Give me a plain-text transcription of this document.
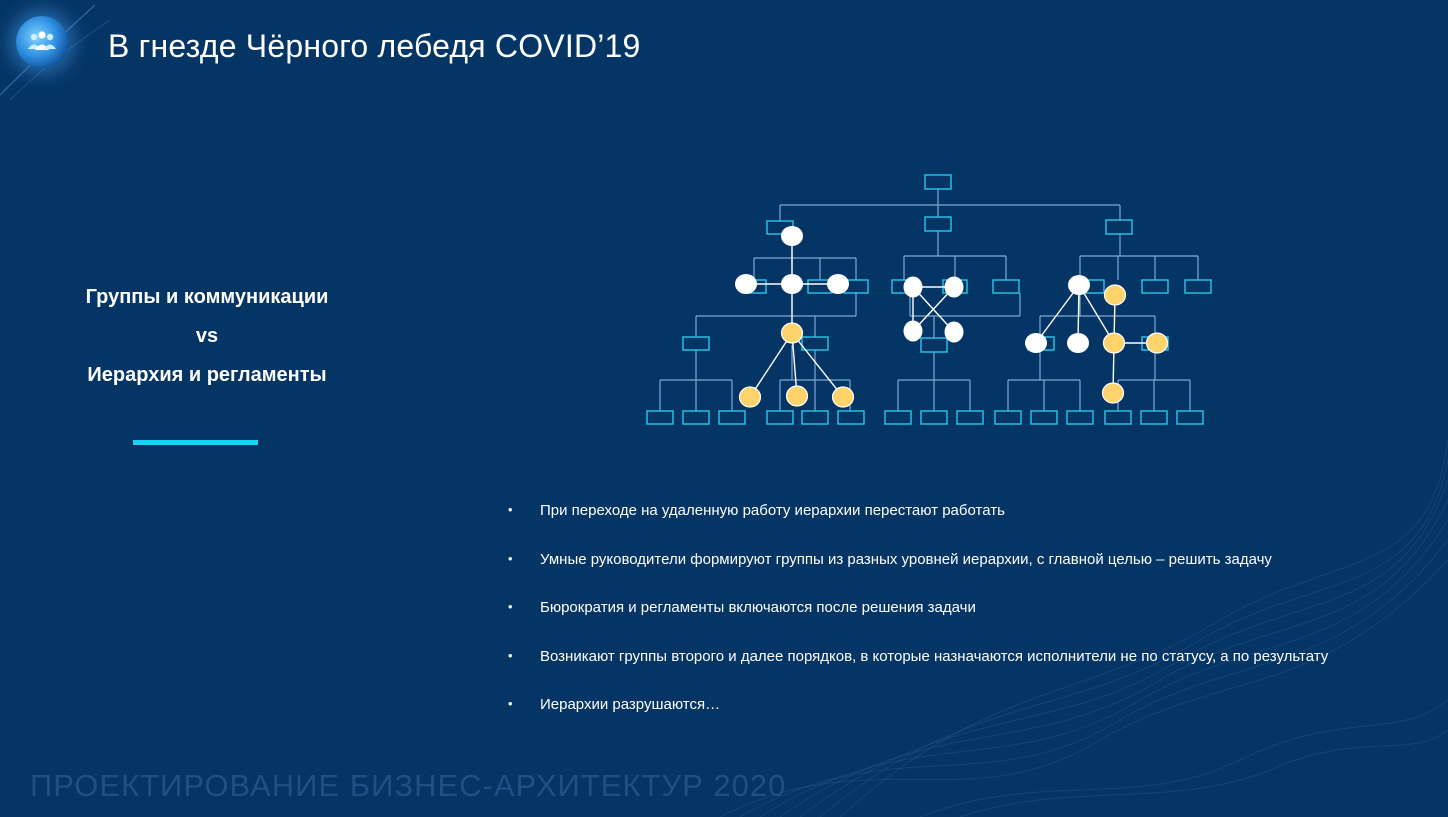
В гнезде Чёрного лебедя COVID’19
Группы и коммуникации
vs
Иерархия и регламенты
• При переходе на удаленную работу иерархии перестают работать
• Умные руководители формируют группы из разных уровней иерархии, с главной целью – решить задачу
• Бюрократия и регламенты включаются после решения задачи
• Возникают группы второго и далее порядков, в которые назначаются исполнители не по статусу, а по результату
• Иерархии разрушаются…
ПРОЕКТИРОВАНИЕ БИЗНЕС-АРХИТЕКТУР 2020
